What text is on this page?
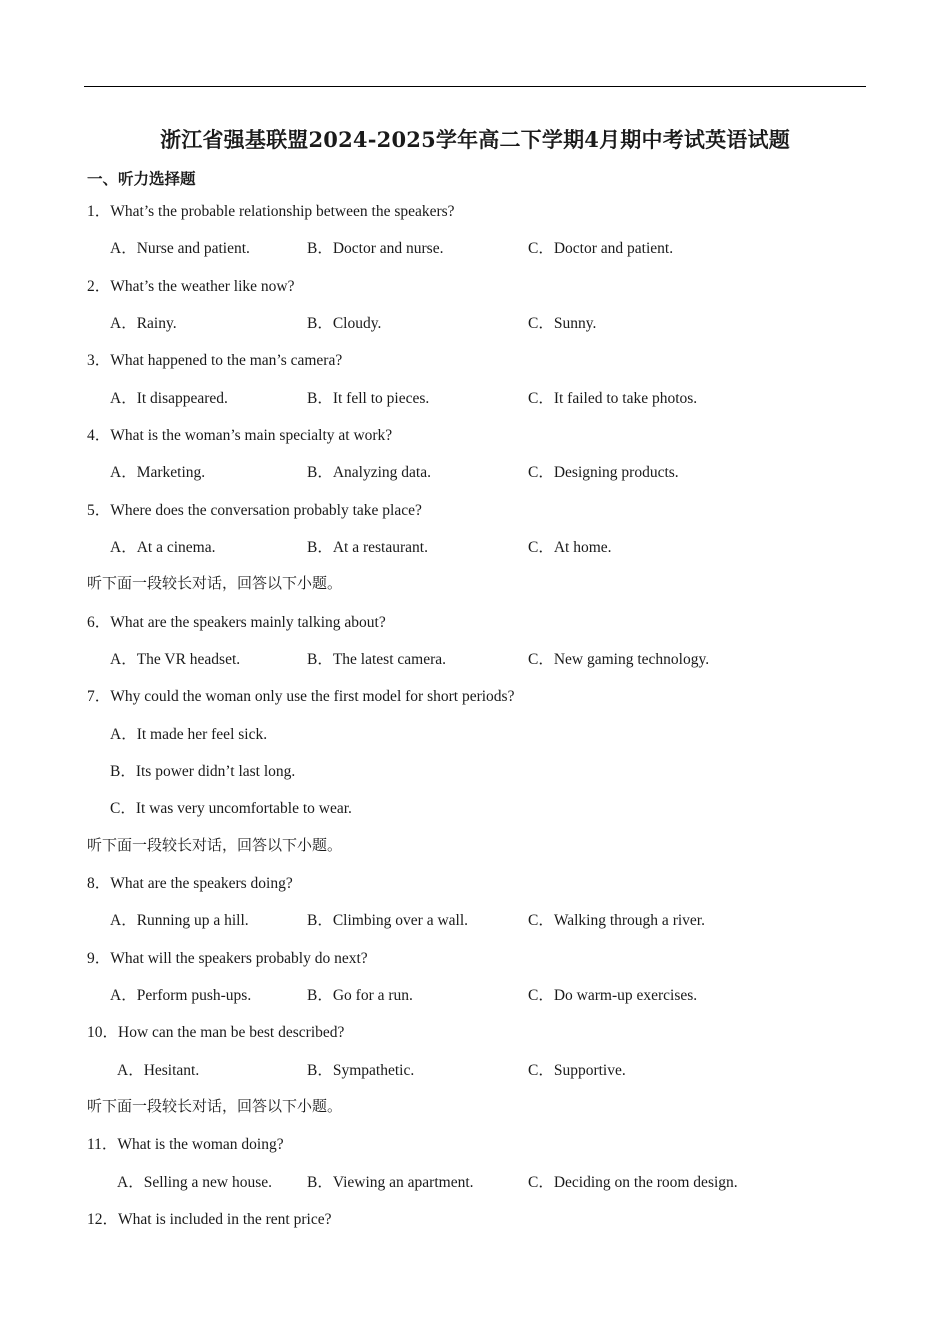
浙江省强基联盟2024-2025学年高二下学期4月期中考试英语试题
一、听力选择题
1．What’s the probable relationship between the speakers?
A．Nurse and patient.	B．Doctor and nurse.	C．Doctor and patient.
2．What’s the weather like now?
A．Rainy.	B．Cloudy.	C．Sunny.
3．What happened to the man’s camera?
A．It disappeared.	B．It fell to pieces.	C．It failed to take photos.
4．What is the woman’s main specialty at work?
A．Marketing.	B．Analyzing data.	C．Designing products.
5．Where does the conversation probably take place?
A．At a cinema.	B．At a restaurant.	C．At home.
听下面一段较长对话，回答以下小题。
6．What are the speakers mainly talking about?
A．The VR headset.	B．The latest camera.	C．New gaming technology.
7．Why could the woman only use the first model for short periods?
A．It made her feel sick.
B．Its power didn’t last long.
C．It was very uncomfortable to wear.
听下面一段较长对话，回答以下小题。
8．What are the speakers doing?
A．Running up a hill.	B．Climbing over a wall.	C．Walking through a river.
9．What will the speakers probably do next?
A．Perform push-ups.	B．Go for a run.	C．Do warm-up exercises.
10．How can the man be best described?
A．Hesitant.	B．Sympathetic.	C．Supportive.
听下面一段较长对话，回答以下小题。
11．What is the woman doing?
A．Selling a new house. B．Viewing an apartment.	C．Deciding on the room design.
12．What is included in the rent price?
